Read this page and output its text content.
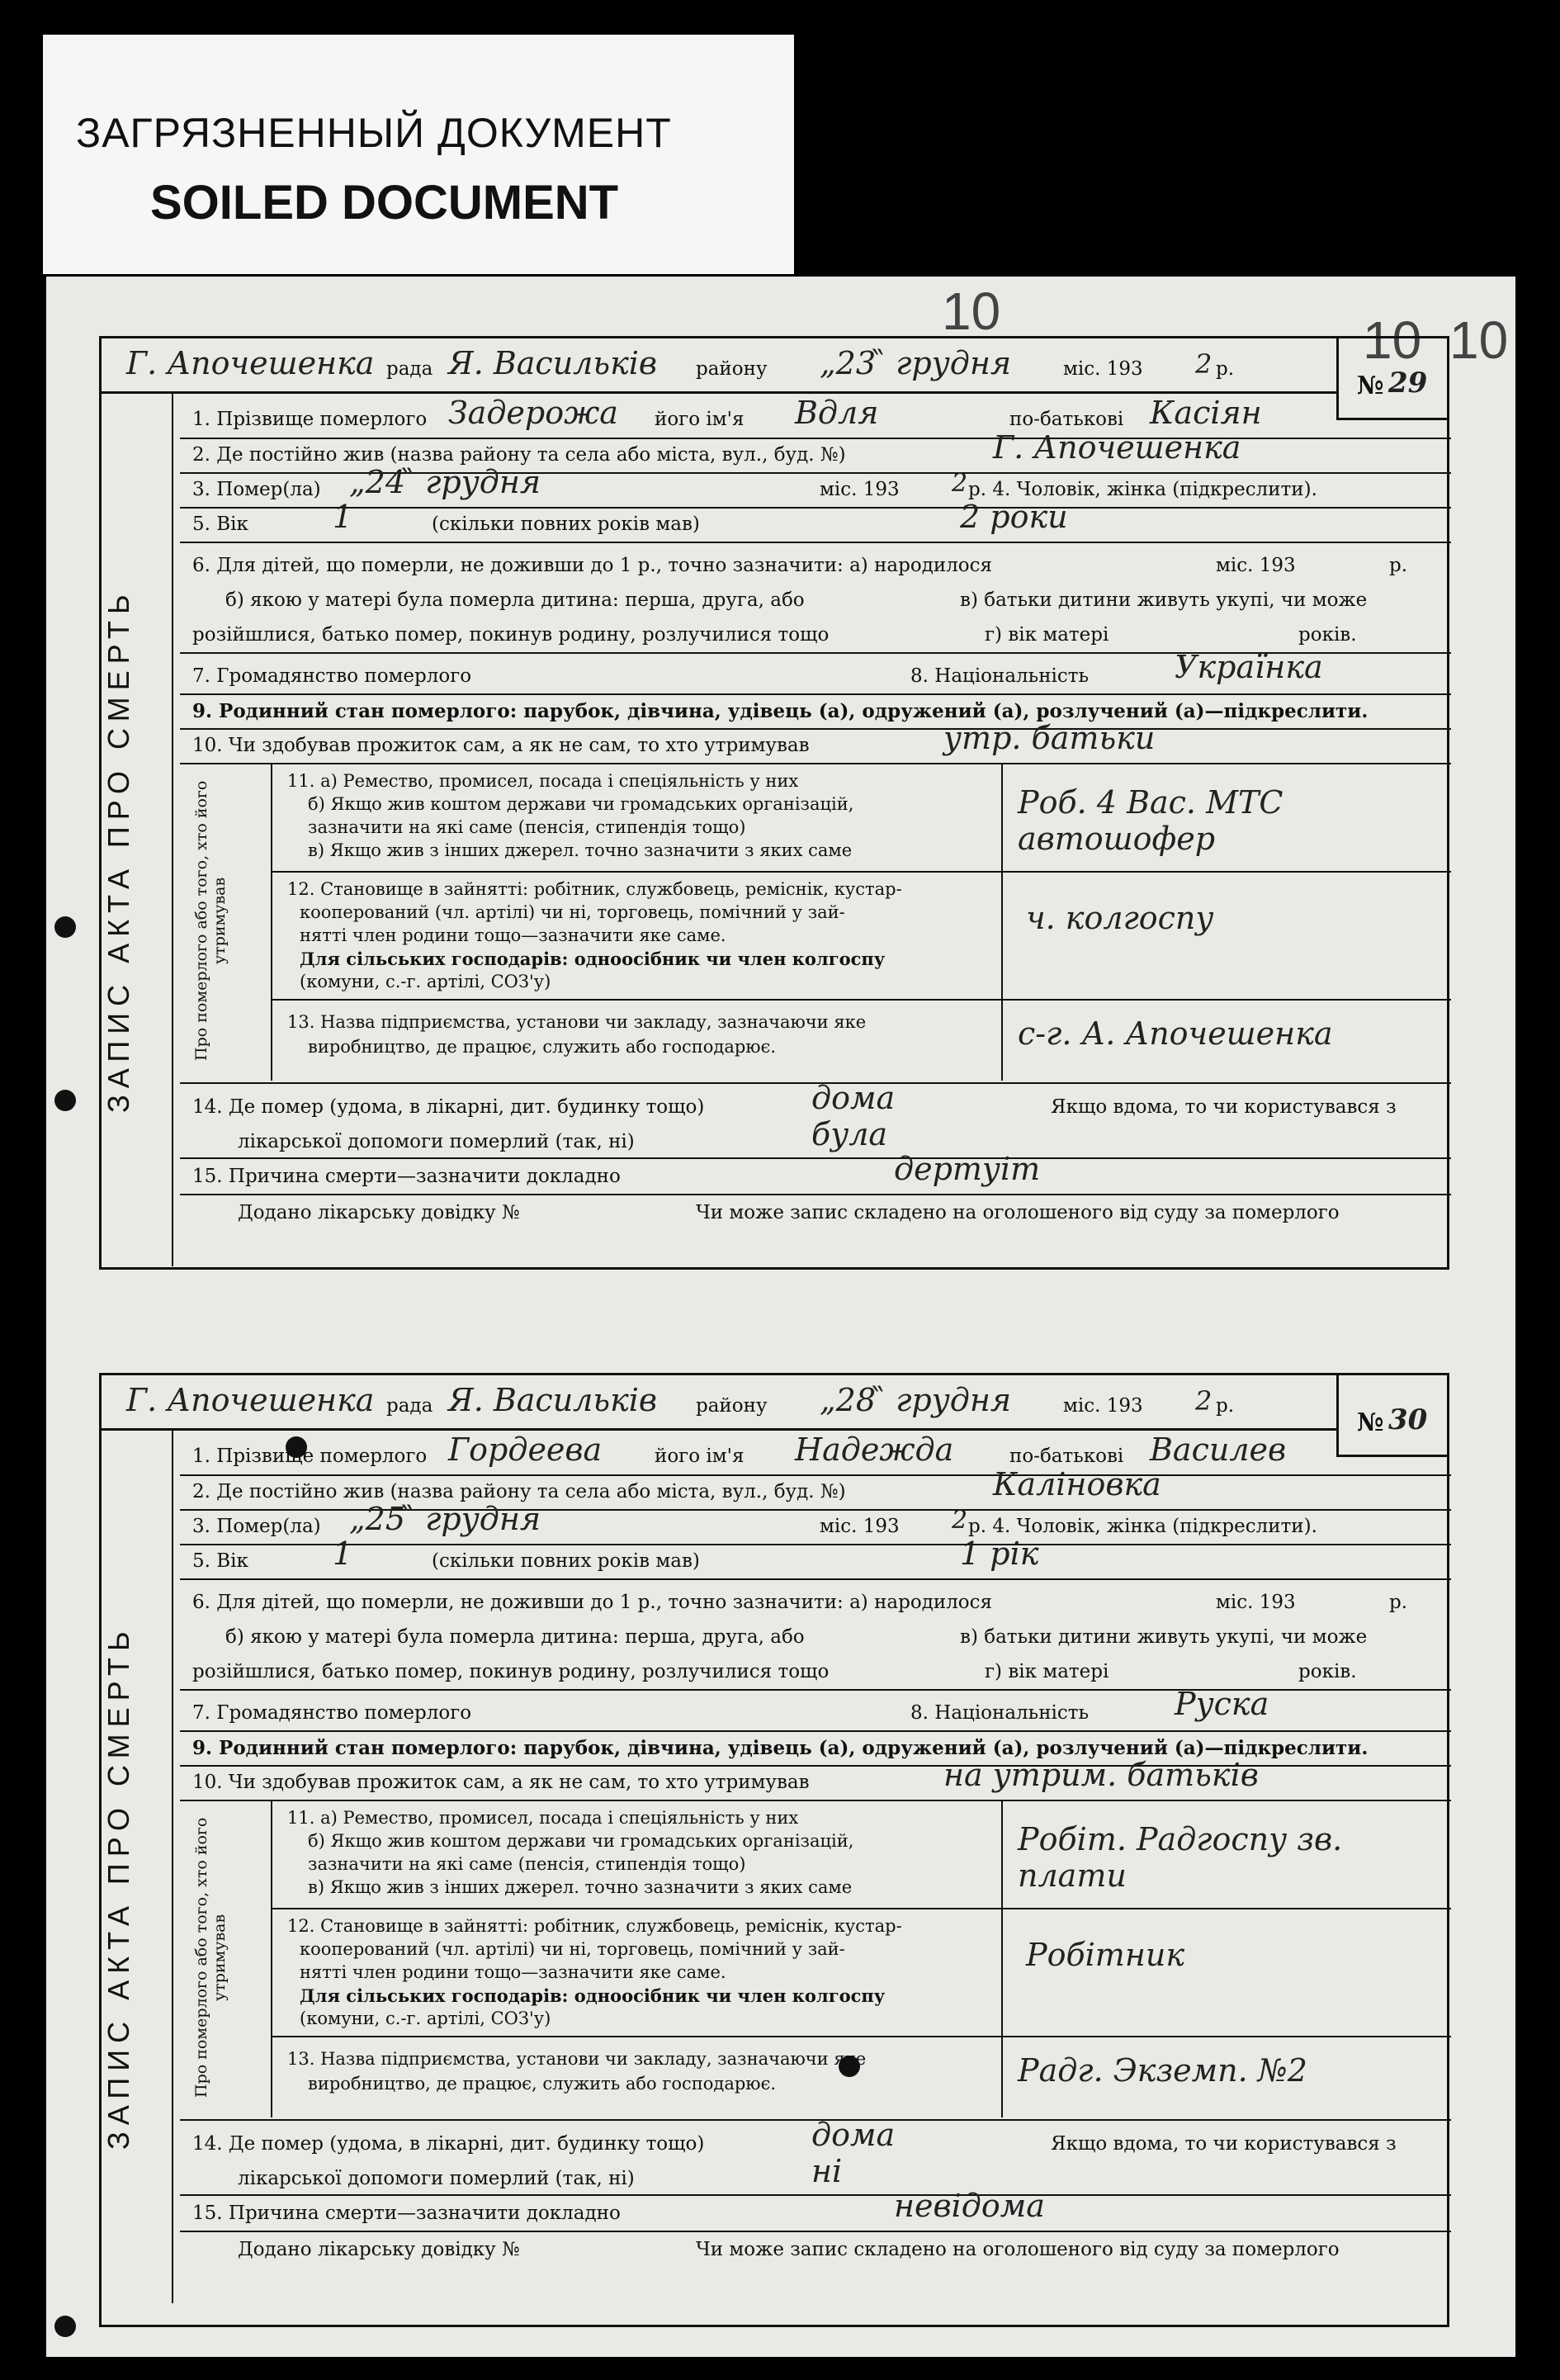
ЗАГРЯЗНЕННЫЙ ДОКУМЕНТ
SOILED DOCUMENT
10	10 10
Г. Апочешенка рада Я. Васильків району „23 ̏ грудня	міс. 193 2 р.
№ 29
ЗАПИС АКТА ПРО СМЕРТЬ
1. Прізвище померлого Задерожа його ім'я Вдля	по-батькові Касіян
2. Де постійно жив (назва району та села або міста, вул., буд. №)	Г. Апочешенка
3. Помер(ла) „24 ̏ грудня	міс. 193 2 р. 4. Чоловік, жінка (підкреслити).
5. Вік	1	(скільки повних років мав)	2 роки
6. Для дітей, що померли, не доживши до 1 р., точно зазначити: а) народилося	міс. 193	р.
б) якою у матері була померла дитина: перша, друга, або	в) батьки дитини живуть укупі, чи може
розійшлися, батько помер, покинув родину, розлучилися тощо	г) вік матері	років.
7. Громадянство померлого	8. Національність	Українка
9. Родинний стан померлого: парубок, дівчина, удівець (а), одружений (а), розлучений (а)—підкреслити.
10. Чи здобував прожиток сам, а як не сам, то хто утримував	утр. батьки
Про померлого або того, хто його утримував
11. а) Ремество, промисел, посада і спеціяльність у них
б) Якщо жив коштом держави чи громадських організацій,
зазначити на які саме (пенсія, стипендія тощо)
в) Якщо жив з інших джерел. точно зазначити з яких саме
Роб. 4 Вас. МТС автошофер
12. Становище в зайнятті: робітник, службовець, реміснік, кустар-
кооперований (чл. артілі) чи ні, торговець, помічний у зай-
нятті член родини тощо—зазначити яке саме.
Для сільських господарів: одноосібник чи член колгоспу
(комуни, с.-г. артілі, СОЗ'у)
ч. колгоспу
13. Назва підприємства, установи чи закладу, зазначаючи яке
виробництво, де працює, служить або господарює.	с-г. А. Апочешенка
14. Де помер (удома, в лікарні, дит. будинку тощо)	дома	Якщо вдома, то чи користувався з
лікарської допомоги померлий (так, ні)	була
15. Причина смерти—зазначити докладно	дертуіт
Додано лікарську довідку №	Чи може запис складено на оголошеного від суду за померлого
Г. Апочешенка рада Я. Васильків району „28 ̏ грудня	міс. 193 2 р.
№ 30
ЗАПИС АКТА ПРО СМЕРТЬ
1. Прізвище померлого Гордеева	його ім'я Надежда	по-батькові Василев
2. Де постійно жив (назва району та села або міста, вул., буд. №)	Каліновка
3. Помер(ла) „25 ̏ грудня	міс. 193 2 р. 4. Чоловік, жінка (підкреслити).
5. Вік	1	(скільки повних років мав)	1 рік
6. Для дітей, що померли, не доживши до 1 р., точно зазначити: а) народилося	міс. 193	р.
б) якою у матері була померла дитина: перша, друга, або	в) батьки дитини живуть укупі, чи може
розійшлися, батько помер, покинув родину, розлучилися тощо	г) вік матері	років.
7. Громадянство померлого	8. Національність	Руска
9. Родинний стан померлого: парубок, дівчина, удівець (а), одружений (а), розлучений (а)—підкреслити.
10. Чи здобував прожиток сам, а як не сам, то хто утримував	на утрим. батьків
Про померлого або того, хто його утримував
11. а) Ремество, промисел, посада і спеціяльність у них
б) Якщо жив коштом держави чи громадських організацій,
зазначити на які саме (пенсія, стипендія тощо)
в) Якщо жив з інших джерел. точно зазначити з яких саме
Робіт. Радгоспу зв. плати
12. Становище в зайнятті: робітник, службовець, реміснік, кустар-
кооперований (чл. артілі) чи ні, торговець, помічний у зай-
нятті член родини тощо—зазначити яке саме.
Для сільських господарів: одноосібник чи член колгоспу
(комуни, с.-г. артілі, СОЗ'у)
Робітник
13. Назва підприємства, установи чи закладу, зазначаючи яке
виробництво, де працює, служить або господарює.	Радг. Экземп. №2
14. Де помер (удома, в лікарні, дит. будинку тощо)	дома	Якщо вдома, то чи користувався з
лікарської допомоги померлий (так, ні)	ні
15. Причина смерти—зазначити докладно	невідома
Додано лікарську довідку №	Чи може запис складено на оголошеного від суду за померлого
